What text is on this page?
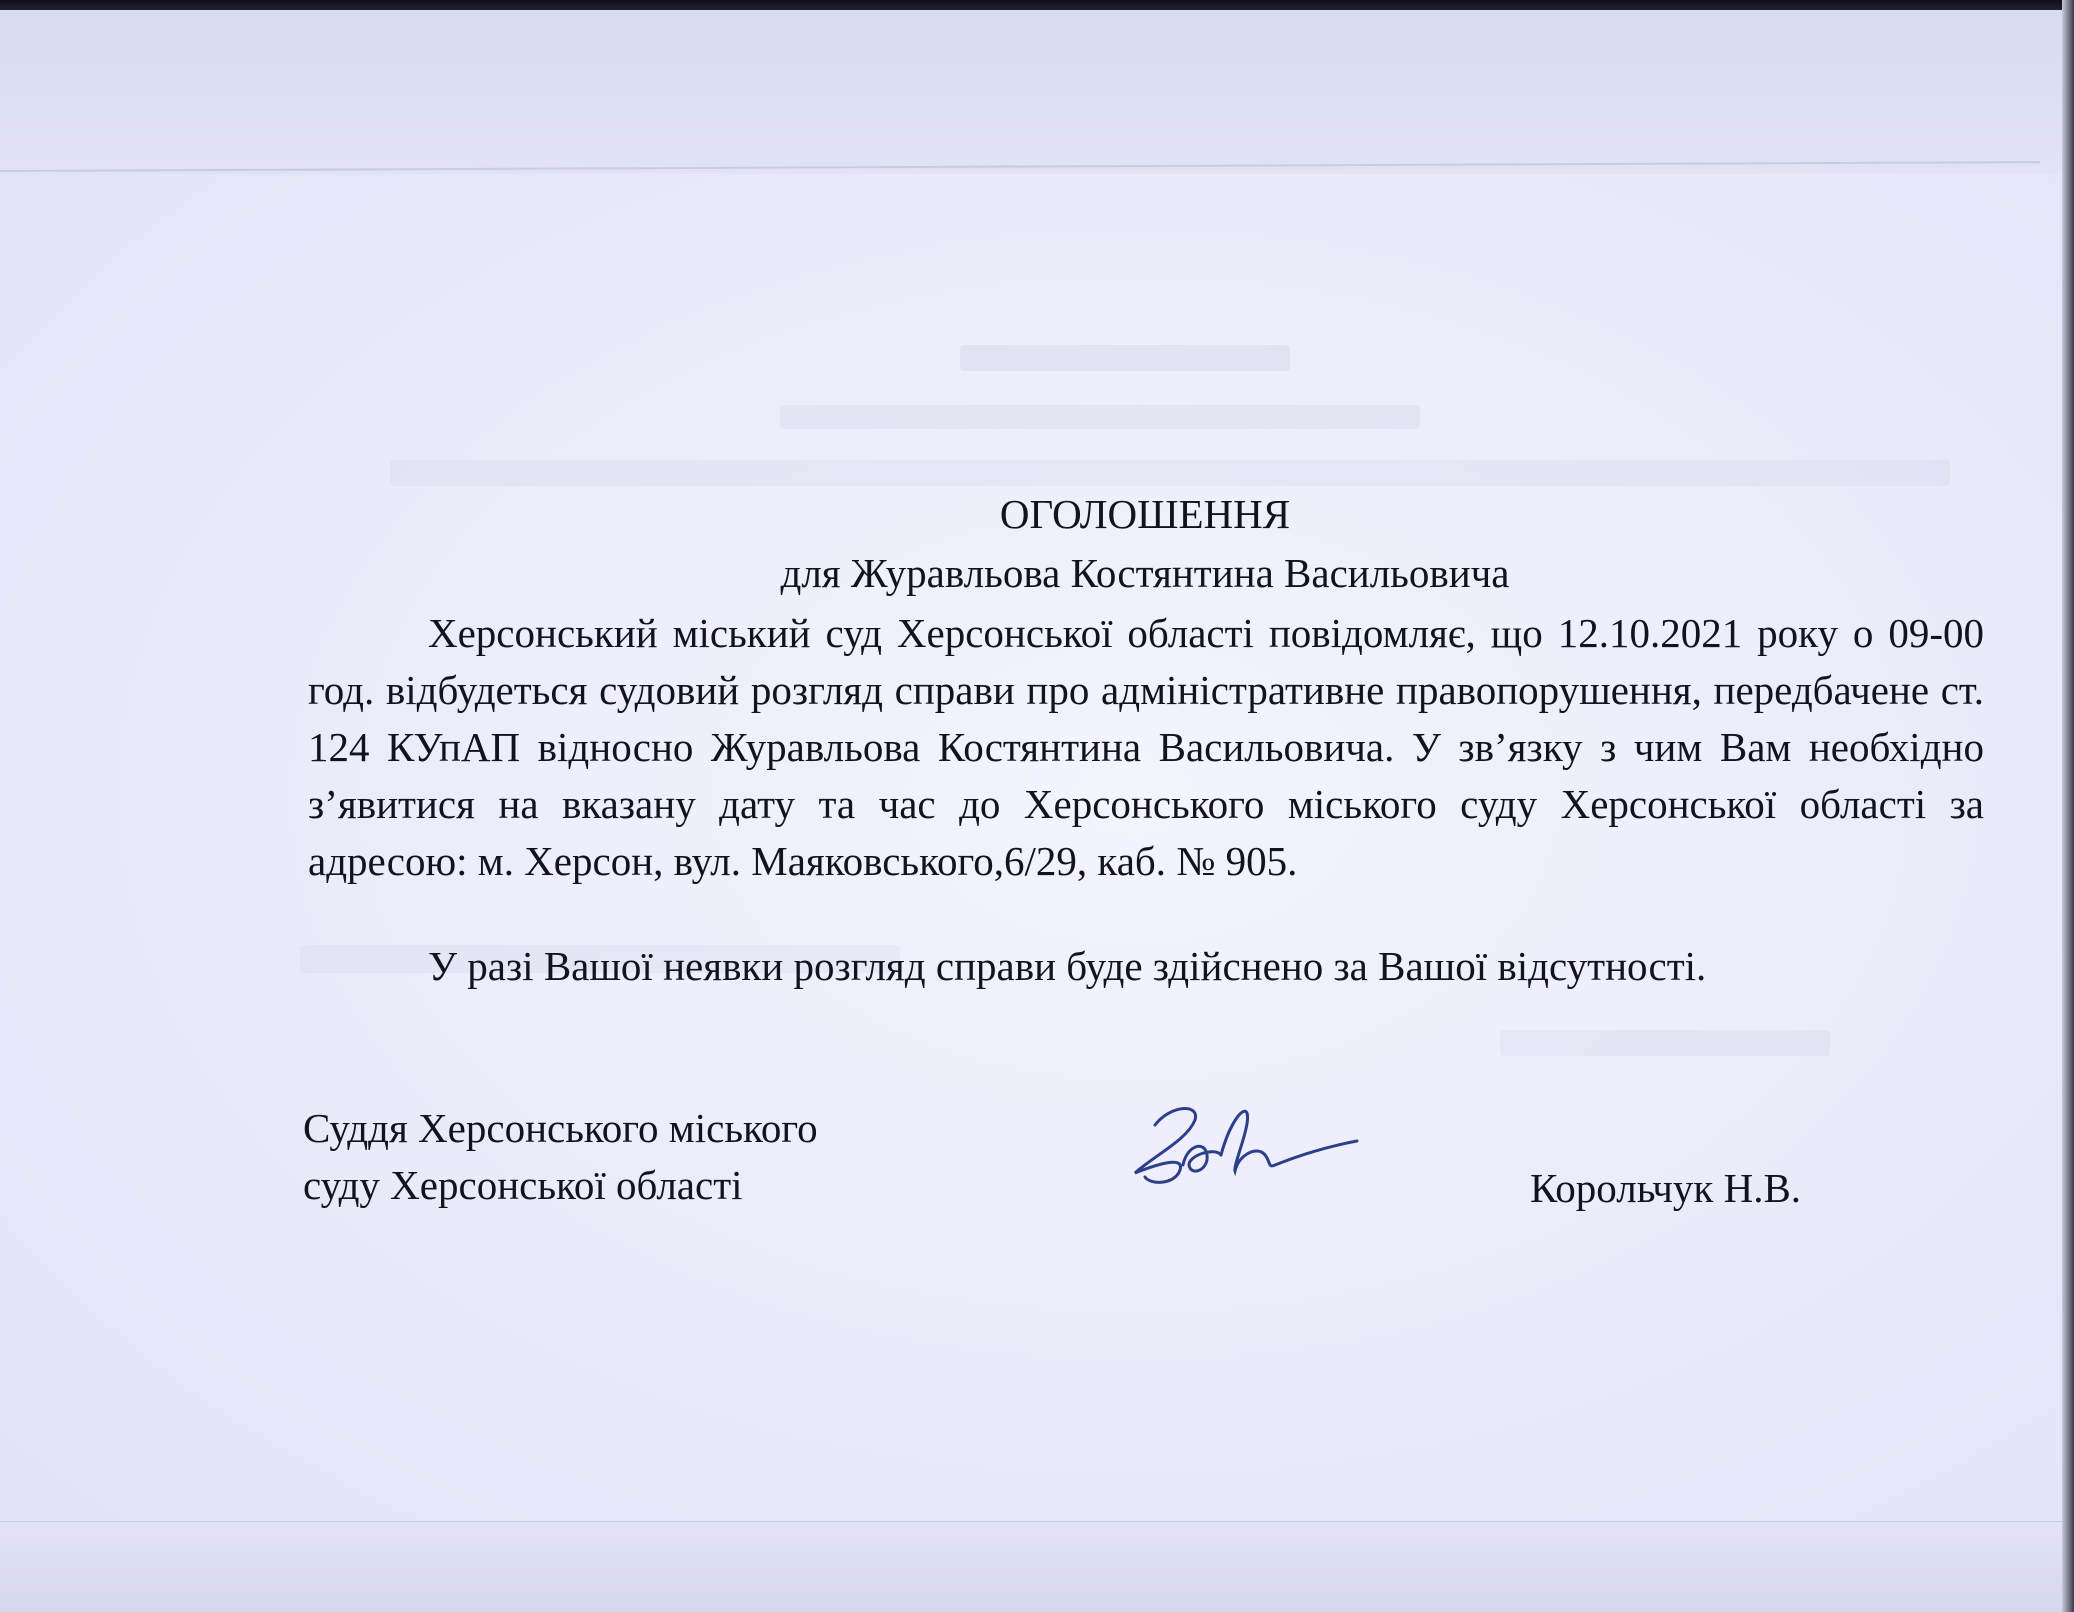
ОГОЛОШЕННЯ
для Журавльова Костянтина Васильовича

Херсонський міський суд Херсонської області повідомляє, що 12.10.2021 року о 09-00 год. відбудеться судовий розгляд справи про адміністративне правопорушення, передбачене ст. 124 КУпАП відносно Журавльова Костянтина Васильовича. У зв’язку з чим Вам необхідно з’явитися на вказану дату та час до Херсонського міського суду Херсонської області за адресою: м. Херсон, вул. Маяковського,6/29, каб. № 905.

У разі Вашої неявки розгляд справи буде здійснено за Вашої відсутності.
Суддя Херсонського міського
суду Херсонської області	Корольчук Н.В.
